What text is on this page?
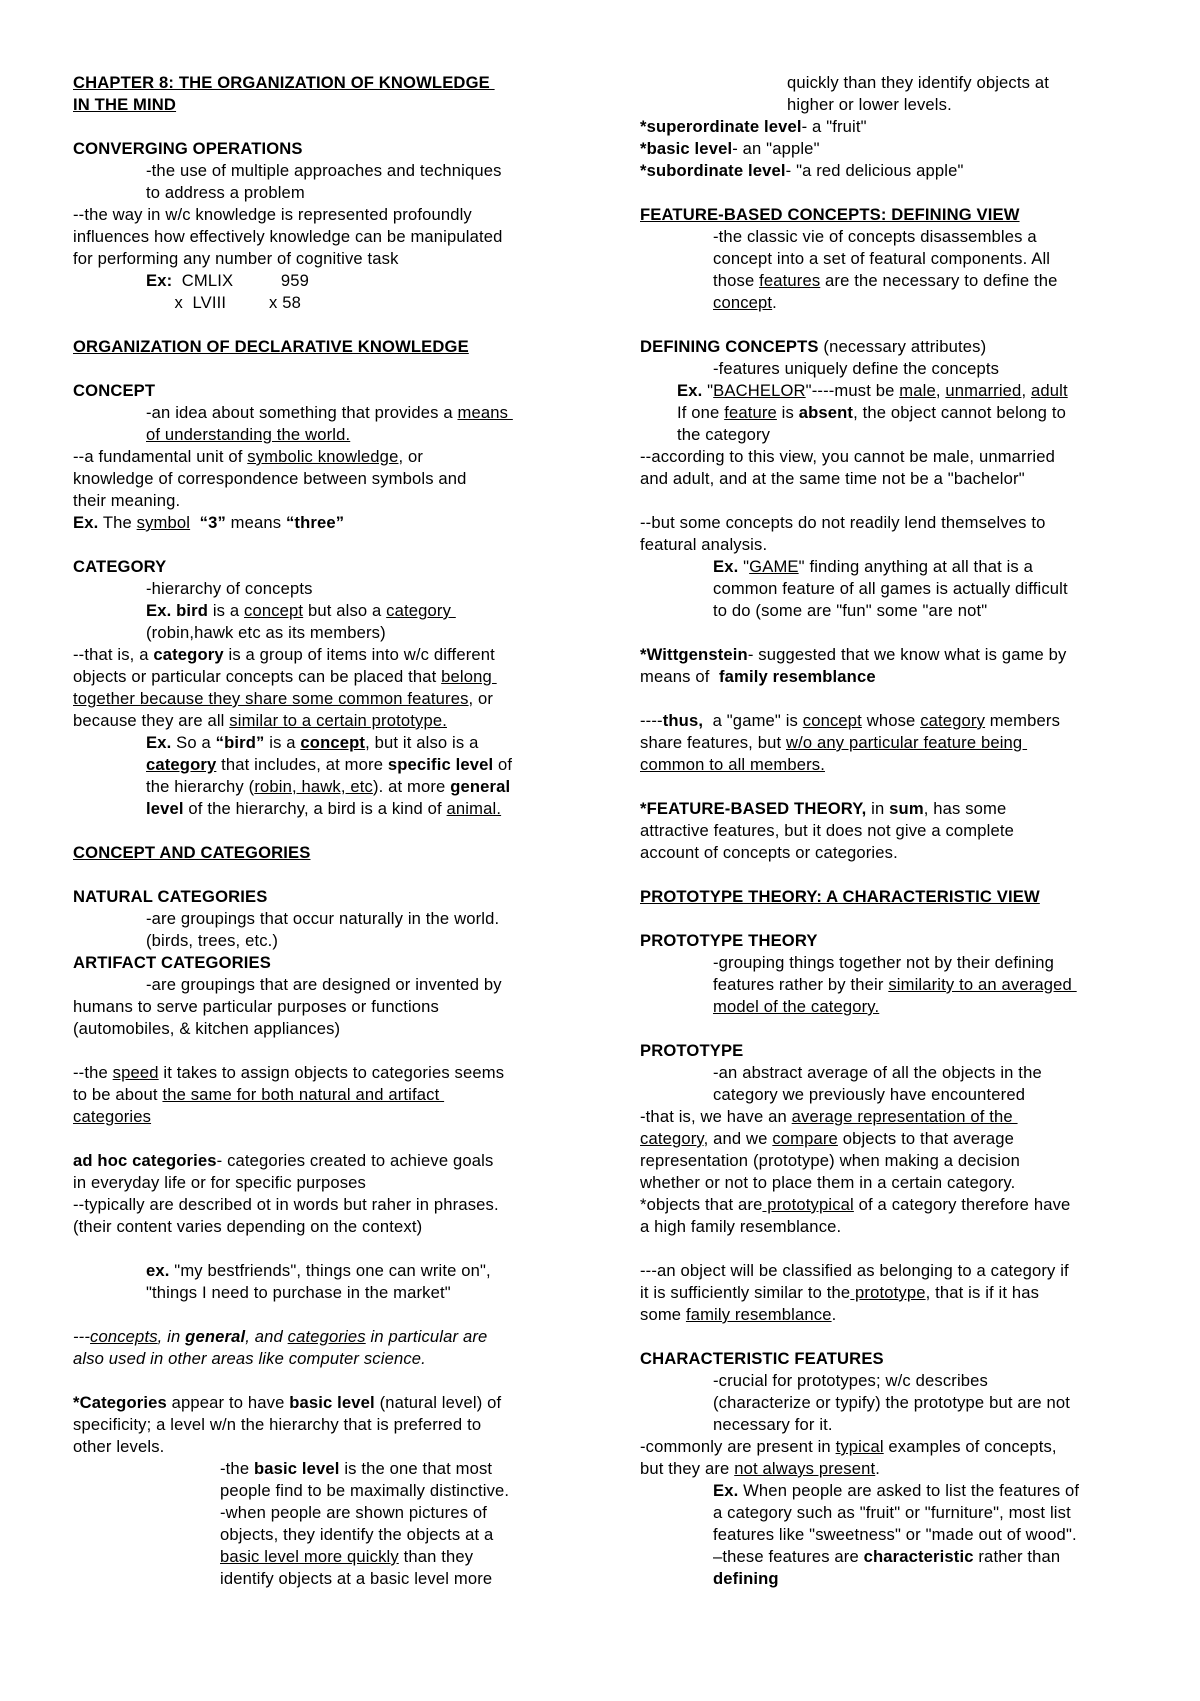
CHAPTER 8: THE ORGANIZATION OF KNOWLEDGE
IN THE MIND
CONVERGING OPERATIONS
-the use of multiple approaches and techniques
to address a problem
--the way in w/c knowledge is represented profoundly
influences how effectively knowledge can be manipulated
for performing any number of cognitive task
Ex:  CMLIX          959
x  LVIII         x 58
ORGANIZATION OF DECLARATIVE KNOWLEDGE
CONCEPT
-an idea about something that provides a means
of understanding the world.
--a fundamental unit of symbolic knowledge, or
knowledge of correspondence between symbols and
their meaning.
Ex. The symbol “3” means “three”
CATEGORY
-hierarchy of concepts
Ex. bird is a concept but also a category
(robin,hawk etc as its members)
--that is, a category is a group of items into w/c different
objects or particular concepts can be placed that belong
together because they share some common features, or
because they are all similar to a certain prototype.
Ex. So a “bird” is a concept, but it also is a
category that includes, at more specific level of
the hierarchy (robin, hawk, etc). at more general
level of the hierarchy, a bird is a kind of animal.
CONCEPT AND CATEGORIES
NATURAL CATEGORIES
-are groupings that occur naturally in the world.
(birds, trees, etc.)
ARTIFACT CATEGORIES
-are groupings that are designed or invented by
humans to serve particular purposes or functions
(automobiles, & kitchen appliances)
--the speed it takes to assign objects to categories seems
to be about the same for both natural and artifact
categories
ad hoc categories- categories created to achieve goals
in everyday life or for specific purposes
--typically are described ot in words but raher in phrases.
(their content varies depending on the context)
ex. "my bestfriends", things one can write on",
"things I need to purchase in the market"
---concepts, in general, and categories in particular are
also used in other areas like computer science.
*Categories appear to have basic level (natural level) of
specificity; a level w/n the hierarchy that is preferred to
other levels.
-the basic level is the one that most
people find to be maximally distinctive.
-when people are shown pictures of
objects, they identify the objects at a
basic level more quickly than they
identify objects at a basic level more
quickly than they identify objects at
higher or lower levels.
*superordinate level- a "fruit"
*basic level- an "apple"
*subordinate level- "a red delicious apple"
FEATURE-BASED CONCEPTS: DEFINING VIEW
-the classic vie of concepts disassembles a
concept into a set of featural components. All
those features are the necessary to define the
concept.
DEFINING CONCEPTS (necessary attributes)
-features uniquely define the concepts
Ex. "BACHELOR"----must be male, unmarried, adult
If one feature is absent, the object cannot belong to
the category
--according to this view, you cannot be male, unmarried
and adult, and at the same time not be a "bachelor"
--but some concepts do not readily lend themselves to
featural analysis.
Ex. "GAME" finding anything at all that is a
common feature of all games is actually difficult
to do (some are "fun" some "are not"
*Wittgenstein- suggested that we know what is game by
means of  family resemblance
----thus,  a "game" is concept whose category members
share features, but w/o any particular feature being
common to all members.
*FEATURE-BASED THEORY, in sum, has some
attractive features, but it does not give a complete
account of concepts or categories.
PROTOTYPE THEORY: A CHARACTERISTIC VIEW
PROTOTYPE THEORY
-grouping things together not by their defining
features rather by their similarity to an averaged
model of the category.
PROTOTYPE
-an abstract average of all the objects in the
category we previously have encountered
-that is, we have an average representation of the
category, and we compare objects to that average
representation (prototype) when making a decision
whether or not to place them in a certain category.
*objects that are prototypical of a category therefore have
a high family resemblance.
---an object will be classified as belonging to a category if
it is sufficiently similar to the prototype, that is if it has
some family resemblance.
CHARACTERISTIC FEATURES
-crucial for prototypes; w/c describes
(characterize or typify) the prototype but are not
necessary for it.
-commonly are present in typical examples of concepts,
but they are not always present.
Ex. When people are asked to list the features of
a category such as "fruit" or "furniture", most list
features like "sweetness" or "made out of wood".
–these features are characteristic rather than
defining
